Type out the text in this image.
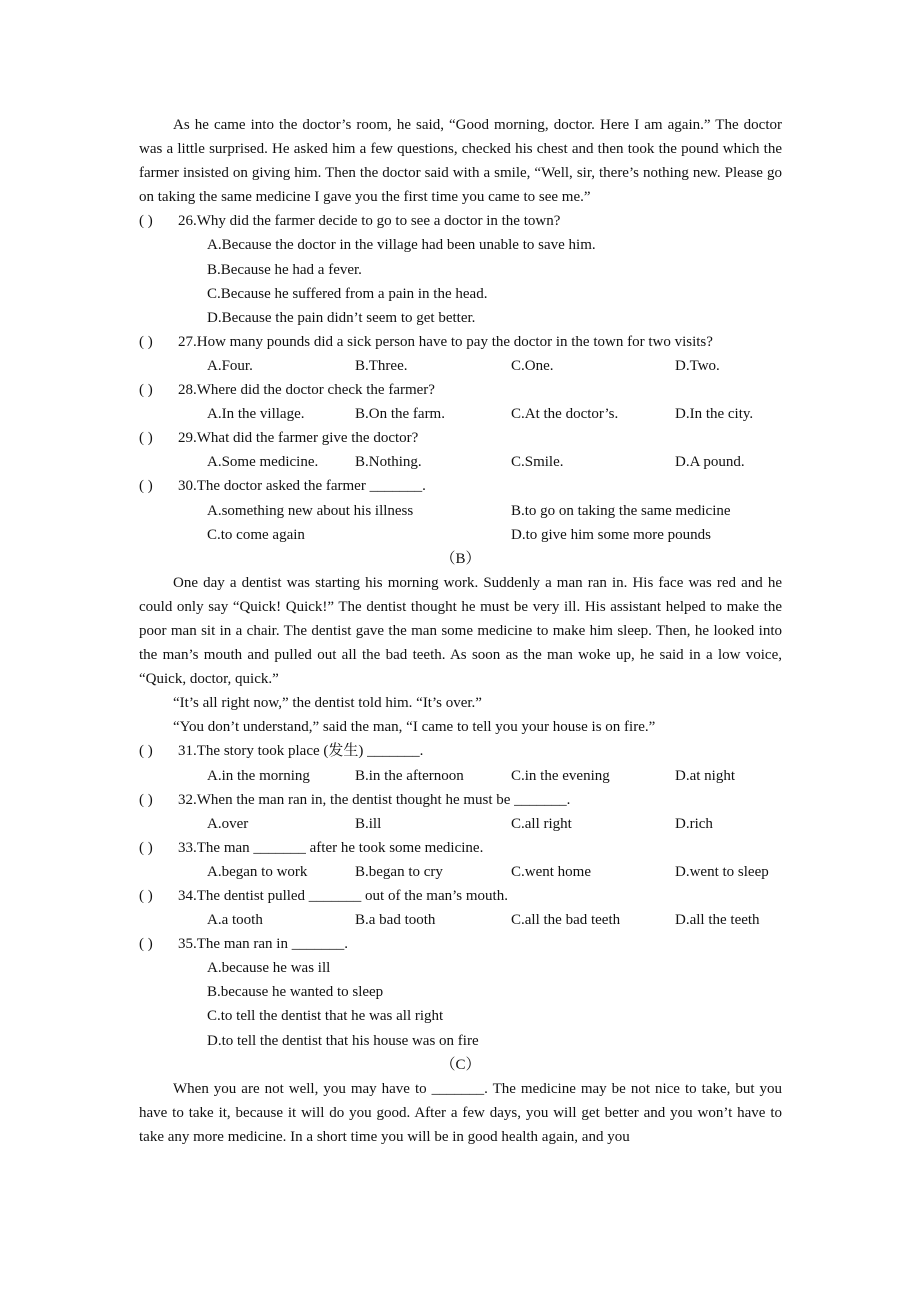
As he came into the doctor’s room, he said, “Good morning, doctor. Here I am again.” The doctor was a little surprised. He asked him a few questions, checked his chest and then took the pound which the farmer insisted on giving him. Then the doctor said with a smile, “Well, sir, there’s nothing new. Please go on taking the same medicine I gave you the first time you came to see me.”

( ) 26.Why did the farmer decide to go to see a doctor in the town?
A.Because the doctor in the village had been unable to save him.
B.Because he had a fever.
C.Because he suffered from a pain in the head.
D.Because the pain didn’t seem to get better.
( ) 27.How many pounds did a sick person have to pay the doctor in the town for two visits?
A.Four.	B.Three.	C.One.	D.Two.
( ) 28.Where did the doctor check the farmer?
A.In the village.	B.On the farm.	C.At the doctor’s.	D.In the city.
( ) 29.What did the farmer give the doctor?
A.Some medicine. B.Nothing.	C.Smile.	D.A pound.
( ) 30.The doctor asked the farmer _______.
A.something new about his illness	B.to go on taking the same medicine
C.to come again	D.to give him some more pounds
（B）

One day a dentist was starting his morning work. Suddenly a man ran in. His face was red and he could only say “Quick! Quick!” The dentist thought he must be very ill. His assistant helped to make the poor man sit in a chair. The dentist gave the man some medicine to make him sleep. Then, he looked into the man’s mouth and pulled out all the bad teeth. As soon as the man woke up, he said in a low voice, “Quick, doctor, quick.”

“It’s all right now,” the dentist told him. “It’s over.”

“You don’t understand,” said the man, “I came to tell you your house is on fire.”

( ) 31.The story took place (发生) _______.
A.in the morning	B.in the afternoon	C.in the evening	D.at night
( ) 32.When the man ran in, the dentist thought he must be _______.
A.over	B.ill	C.all right	D.rich
( ) 33.The man _______ after he took some medicine.
A.began to work	B.began to cry	C.went home	D.went to sleep
( ) 34.The dentist pulled _______ out of the man’s mouth.
A.a tooth	B.a bad tooth	C.all the bad teeth	D.all the teeth
( ) 35.The man ran in _______.
A.because he was ill
B.because he wanted to sleep
C.to tell the dentist that he was all right
D.to tell the dentist that his house was on fire
（C）

When you are not well, you may have to _______. The medicine may be not nice to take, but you have to take it, because it will do you good. After a few days, you will get better and you won’t have to take any more medicine. In a short time you will be in good health again, and you
